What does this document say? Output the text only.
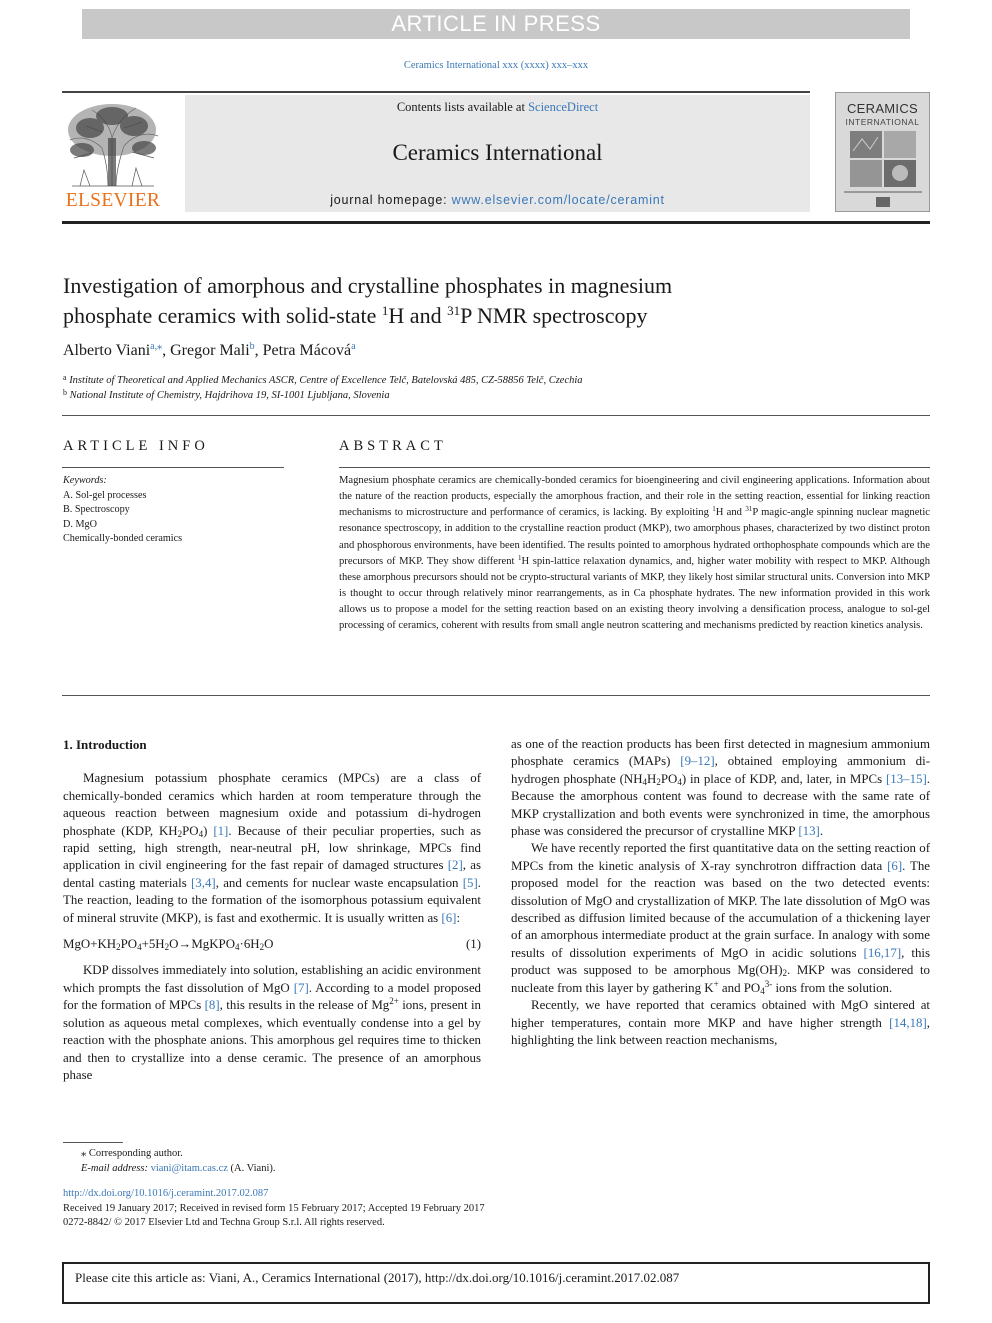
ARTICLE IN PRESS
Ceramics International xxx (xxxx) xxx–xxx
Contents lists available at ScienceDirect
Ceramics International
journal homepage: www.elsevier.com/locate/ceramint
ELSEVIER
CERAMICS
INTERNATIONAL
Investigation of amorphous and crystalline phosphates in magnesium
phosphate ceramics with solid-state $^1$H and $^{31}$P NMR spectroscopy
Alberto Viani$^{a,⁎}$, Gregor Mali$^b$, Petra Mácová$^a$
$^a$ Institute of Theoretical and Applied Mechanics ASCR, Centre of Excellence Telč, Batelovská 485, CZ-58856 Telč, Czechia
$^b$ National Institute of Chemistry, Hajdrihova 19, SI-1001 Ljubljana, Slovenia
ARTICLE INFO	ABSTRACT
Keywords:
A. Sol-gel processes
B. Spectroscopy
D. MgO
Chemically-bonded ceramics
Magnesium phosphate ceramics are chemically-bonded ceramics for bioengineering and civil engineering applications. Information about the nature of the reaction products, especially the amorphous fraction, and their role in the setting reaction, essential for linking reaction mechanisms to microstructure and performance of ceramics, is lacking. By exploiting $^1$H and $^{31}$P magic-angle spinning nuclear magnetic resonance spectroscopy, in addition to the crystalline reaction product (MKP), two amorphous phases, characterized by two distinct proton and phosphorous environments, have been identified. The results pointed to amorphous hydrated orthophosphate compounds which are the precursors of MKP. They show different $^1$H spin-lattice relaxation dynamics, and, higher water mobility with respect to MKP. Although these amorphous precursors should not be crypto-structural variants of MKP, they likely host similar structural units. Conversion into MKP is thought to occur through relatively minor rearrangements, as in Ca phosphate hydrates. The new information provided in this work allows us to propose a model for the setting reaction based on an existing theory involving a densification process, analogue to sol-gel processing of ceramics, coherent with results from small angle neutron scattering and mechanisms predicted by reaction kinetics analysis.

1. Introduction

Magnesium potassium phosphate ceramics (MPCs) are a class of chemically-bonded ceramics which harden at room temperature through the aqueous reaction between magnesium oxide and potassium di-hydrogen phosphate (KDP, $KH_2PO_4$) [1]. Because of their peculiar properties, such as rapid setting, high strength, near-neutral pH, low shrinkage, MPCs find application in civil engineering for the fast repair of damaged structures [2], as dental casting materials [3,4], and cements for nuclear waste encapsulation [5]. The reaction, leading to the formation of the isomorphous potassium equivalent of mineral struvite (MKP), is fast and exothermic. It is usually written as [6]:

$MgO+KH_2PO_4+5H_2O\to MgKPO_4\cdot 6H_2O$	(1)

KDP dissolves immediately into solution, establishing an acidic environment which prompts the fast dissolution of MgO [7]. According to a model proposed for the formation of MPCs [8], this results in the release of $Mg^{2+}$ ions, present in solution as aqueous metal complexes, which eventually condense into a gel by reaction with the phosphate anions. This amorphous gel requires time to thicken and then to crystallize into a dense ceramic. The presence of an amorphous phase

as one of the reaction products has been first detected in magnesium ammonium phosphate ceramics (MAPs) [9–12], obtained employing ammonium di-hydrogen phosphate $(NH_4H_2PO_4)$ in place of KDP, and, later, in MPCs [13–15]. Because the amorphous content was found to decrease with the same rate of MKP crystallization and both events were synchronized in time, the amorphous phase was considered the precursor of crystalline MKP [13].

We have recently reported the first quantitative data on the setting reaction of MPCs from the kinetic analysis of X-ray synchrotron diffraction data [6]. The proposed model for the reaction was based on the two detected events: dissolution of MgO and crystallization of MKP. The late dissolution of MgO was described as diffusion limited because of the accumulation of a thickening layer of an amorphous intermediate product at the grain surface. In analogy with some results of dissolution experiments of MgO in acidic solutions [16,17], this product was supposed to be amorphous $Mg(OH)_2$. MKP was considered to nucleate from this layer by gathering K+ and $PO_4^{3-}$ ions from the solution.

Recently, we have reported that ceramics obtained with MgO sintered at higher temperatures, contain more MKP and have higher strength [14,18], highlighting the link between reaction mechanisms,

⁎ Corresponding author.
E-mail address: viani@itam.cas.cz (A. Viani).
http://dx.doi.org/10.1016/j.ceramint.2017.02.087
Received 19 January 2017; Received in revised form 15 February 2017; Accepted 19 February 2017
0272-8842/ © 2017 Elsevier Ltd and Techna Group S.r.l. All rights reserved.
Please cite this article as: Viani, A., Ceramics International (2017), http://dx.doi.org/10.1016/j.ceramint.2017.02.087
